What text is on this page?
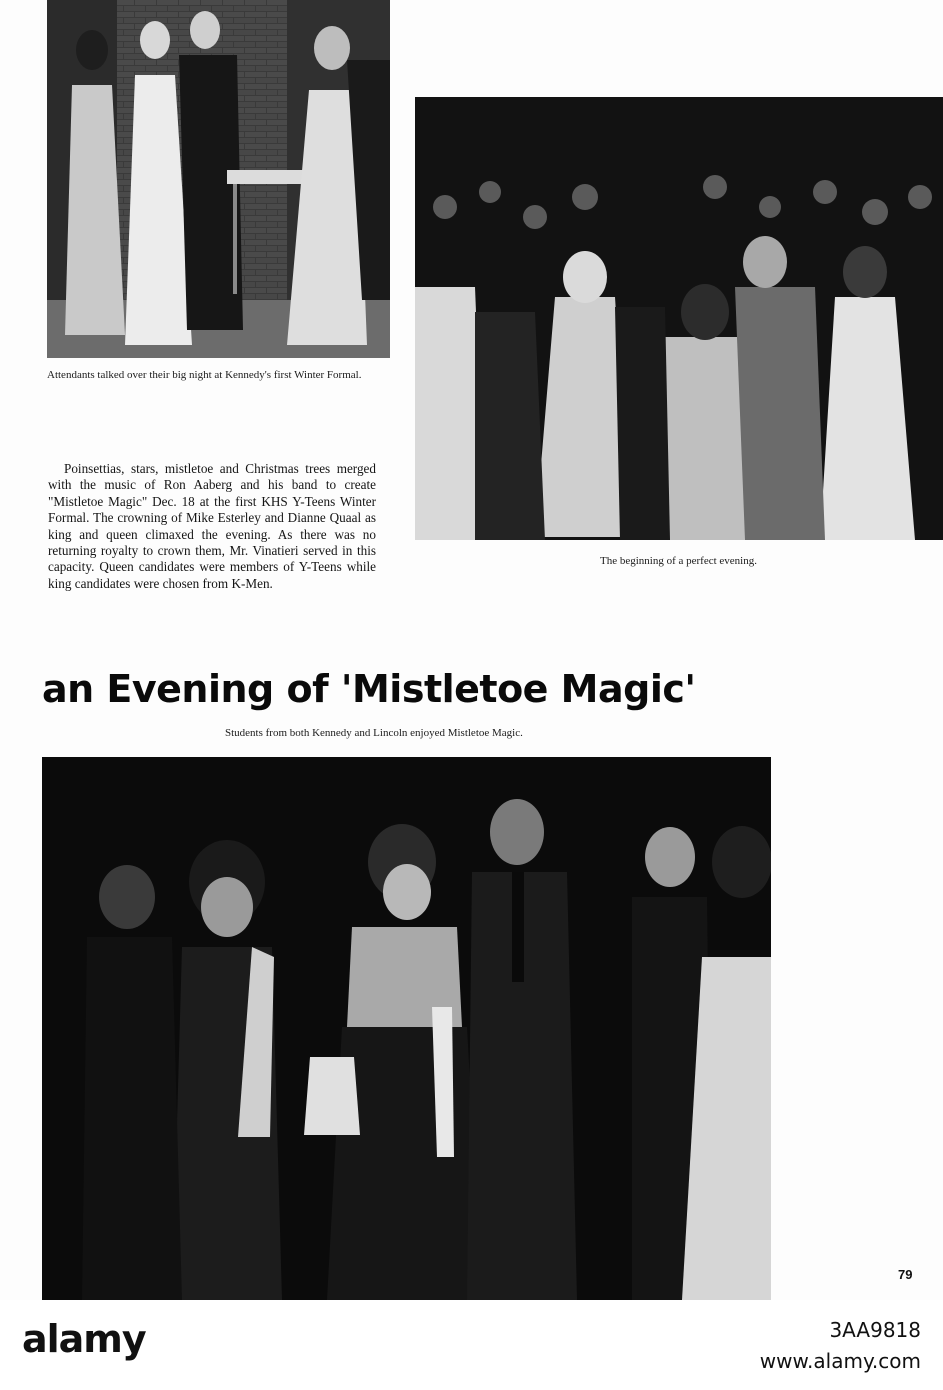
Attendants talked over their big night at Kennedy's first Winter Formal.
The beginning of a perfect evening.

Poinsettias, stars, mistletoe and Christmas trees merged with the music of Ron Aaberg and his band to create "Mistletoe Magic" Dec. 18 at the first KHS Y-Teens Winter Formal. The crowning of Mike Esterley and Dianne Quaal as king and queen climaxed the evening. As there was no returning royalty to crown them, Mr. Vinatieri served in this capacity. Queen candidates were members of Y-Teens while king candidates were chosen from K-Men.

an Evening of 'Mistletoe Magic'
Students from both Kennedy and Lincoln enjoyed Mistletoe Magic.
79
alamy	3AA9818
www.alamy.com
